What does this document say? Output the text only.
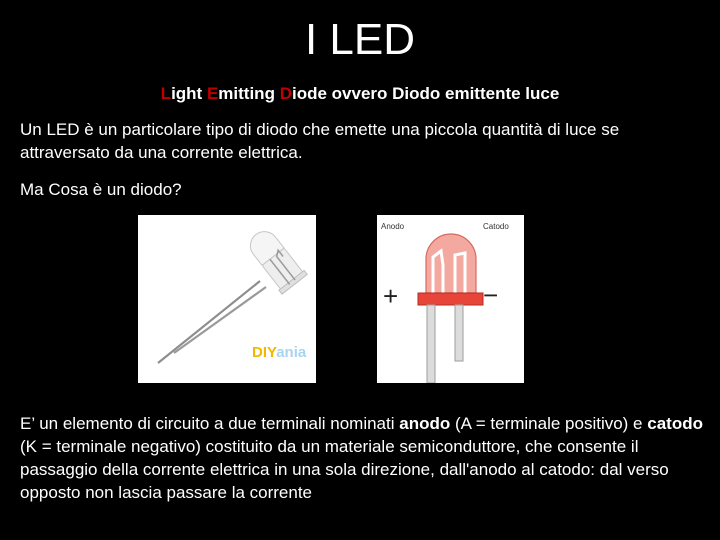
I LED
Light Emitting Diode ovvero Diodo emittente luce
Un LED è un particolare tipo di diodo che emette una piccola quantità di luce se attraversato da una corrente elettrica.
Ma Cosa è un diodo?
DIYania
Anodo	Catodo
+	−
E’ un elemento di circuito a due terminali nominati anodo (A = terminale positivo) e catodo (K = terminale negativo) costituito da un materiale semiconduttore, che consente il passaggio della corrente elettrica in una sola direzione, dall'anodo al catodo: dal verso opposto non lascia passare la corrente
